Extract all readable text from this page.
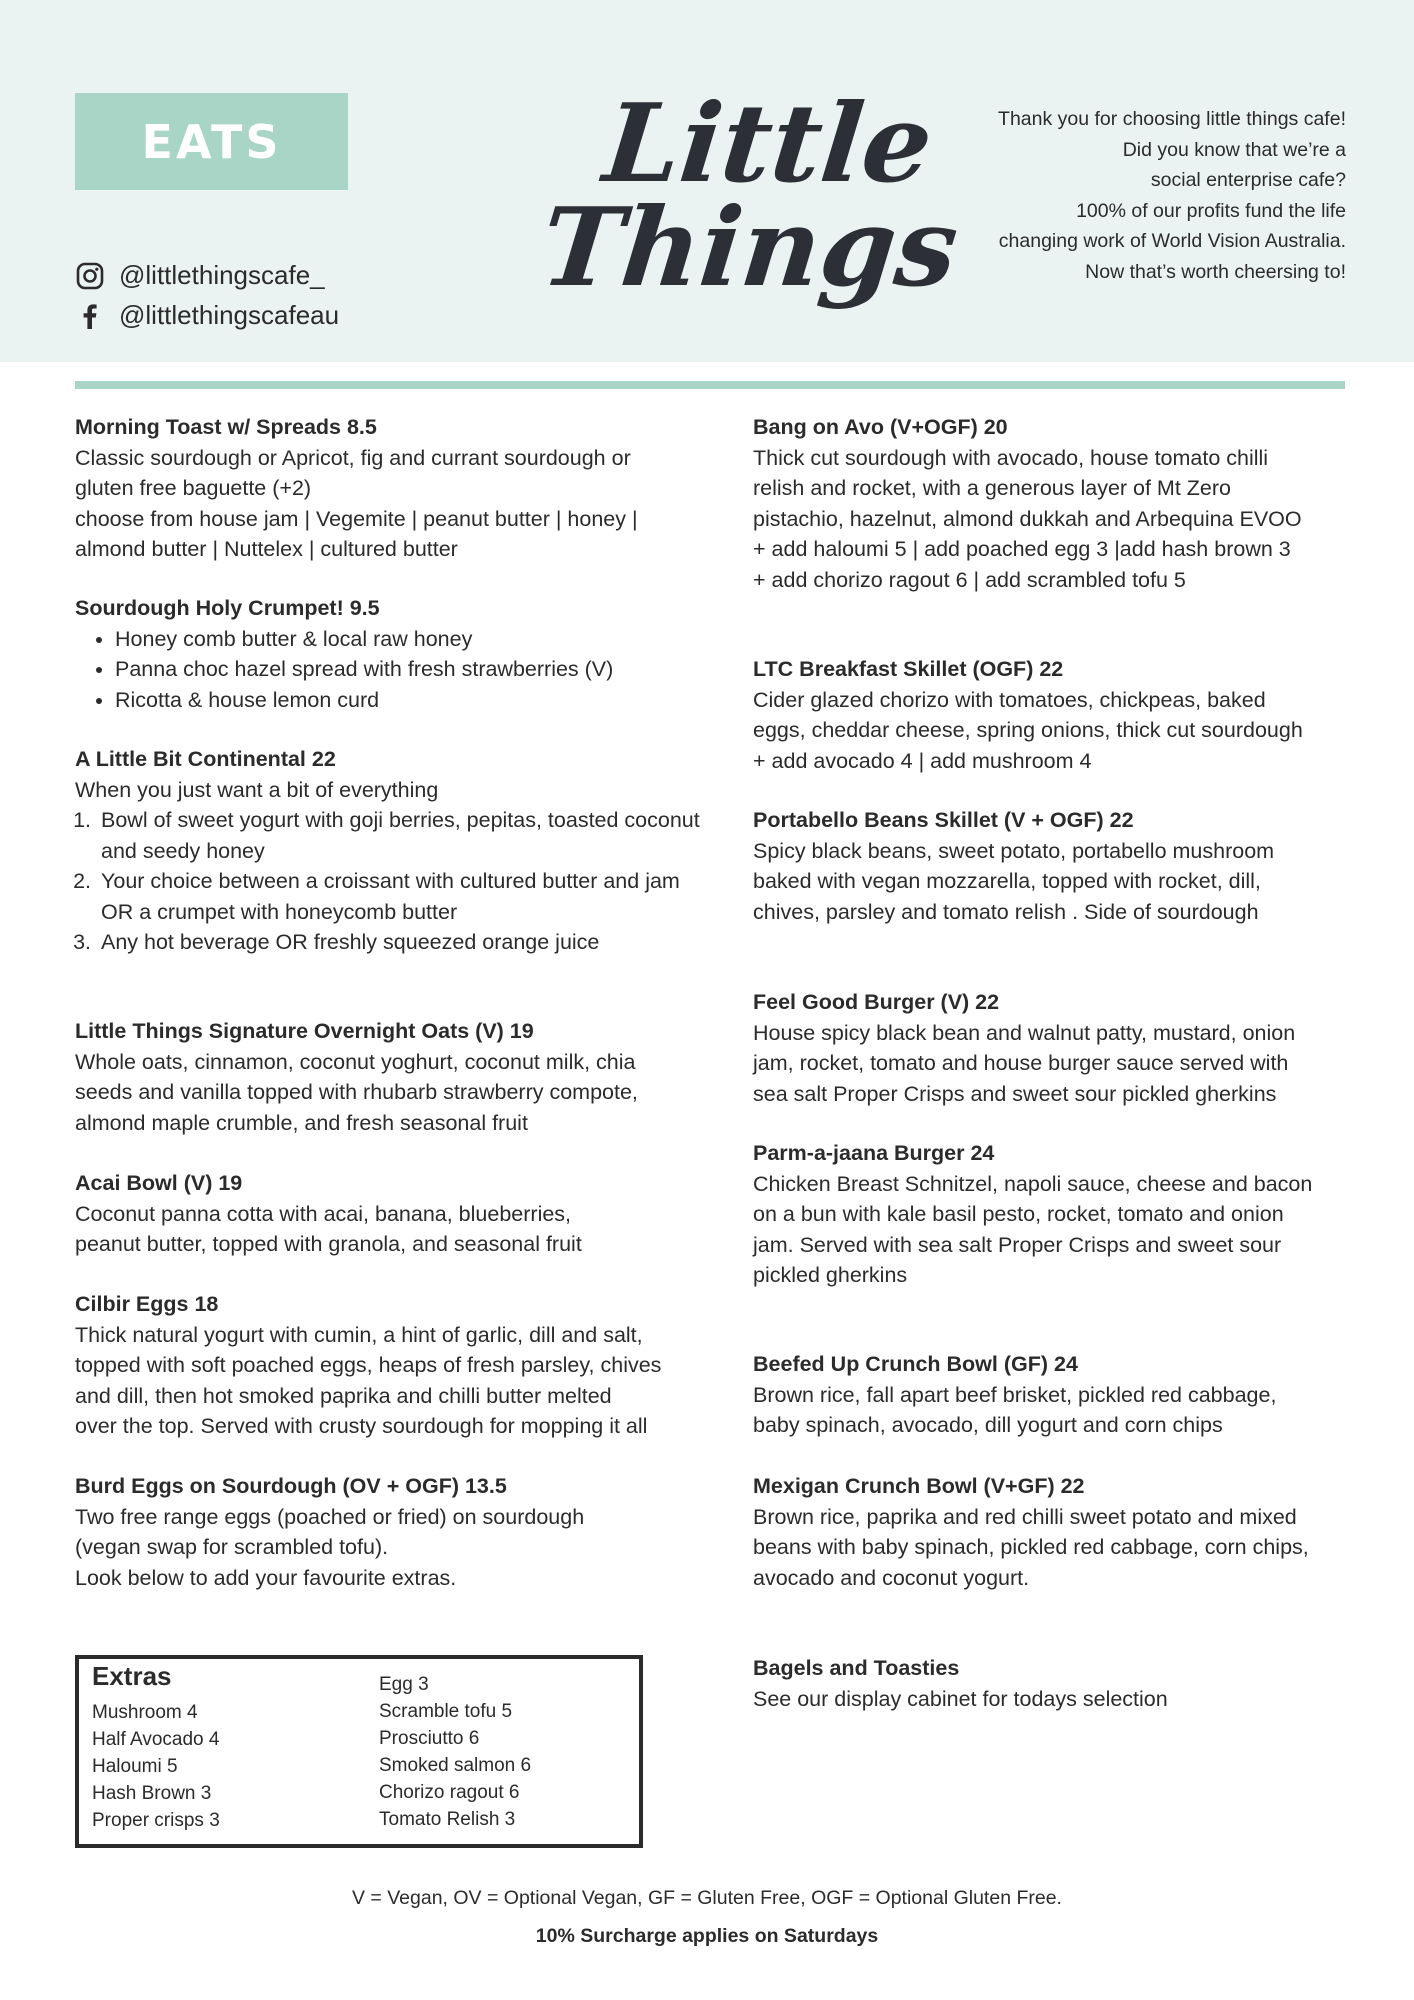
EATS
@littlethingscafe_
@littlethingscafeau
Little
Things
Thank you for choosing little things cafe!
Did you know that we’re a
social enterprise cafe?
100% of our profits fund the life
changing work of World Vision Australia.
Now that’s worth cheersing to!
Morning Toast w/ Spreads 8.5
Classic sourdough or Apricot, fig and currant sourdough or
gluten free baguette (+2)
choose from house jam | Vegemite | peanut butter | honey |
almond butter | Nuttelex | cultured butter
Sourdough Holy Crumpet! 9.5
• Honey comb butter & local raw honey
• Panna choc hazel spread with fresh strawberries (V)
• Ricotta & house lemon curd
A Little Bit Continental 22
When you just want a bit of everything
1. Bowl of sweet yogurt with goji berries, pepitas, toasted coconut and seedy honey
2. Your choice between a croissant with cultured butter and jam OR a crumpet with honeycomb butter
3. Any hot beverage OR freshly squeezed orange juice
Little Things Signature Overnight Oats (V) 19
Whole oats, cinnamon, coconut yoghurt, coconut milk, chia
seeds and vanilla topped with rhubarb strawberry compote,
almond maple crumble, and fresh seasonal fruit
Acai Bowl (V) 19
Coconut panna cotta with acai, banana, blueberries,
peanut butter, topped with granola, and seasonal fruit
Cilbir Eggs 18
Thick natural yogurt with cumin, a hint of garlic, dill and salt,
topped with soft poached eggs, heaps of fresh parsley, chives
and dill, then hot smoked paprika and chilli butter melted
over the top. Served with crusty sourdough for mopping it all
Burd Eggs on Sourdough (OV + OGF) 13.5
Two free range eggs (poached or fried) on sourdough
(vegan swap for scrambled tofu).
Look below to add your favourite extras.
Bang on Avo (V+OGF) 20
Thick cut sourdough with avocado, house tomato chilli
relish and rocket, with a generous layer of Mt Zero
pistachio, hazelnut, almond dukkah and Arbequina EVOO
+ add haloumi 5 | add poached egg 3 |add hash brown 3
+ add chorizo ragout 6 | add scrambled tofu 5
LTC Breakfast Skillet (OGF) 22
Cider glazed chorizo with tomatoes, chickpeas, baked
eggs, cheddar cheese, spring onions, thick cut sourdough
+ add avocado 4 | add mushroom 4
Portabello Beans Skillet (V + OGF) 22
Spicy black beans, sweet potato, portabello mushroom
baked with vegan mozzarella, topped with rocket, dill,
chives, parsley and tomato relish . Side of sourdough
Feel Good Burger (V) 22
House spicy black bean and walnut patty, mustard, onion
jam, rocket, tomato and house burger sauce served with
sea salt Proper Crisps and sweet sour pickled gherkins
Parm-a-jaana Burger 24
Chicken Breast Schnitzel, napoli sauce, cheese and bacon
on a bun with kale basil pesto, rocket, tomato and onion
jam. Served with sea salt Proper Crisps and sweet sour
pickled gherkins
Beefed Up Crunch Bowl (GF) 24
Brown rice, fall apart beef brisket, pickled red cabbage,
baby spinach, avocado, dill yogurt and corn chips
Mexigan Crunch Bowl (V+GF) 22
Brown rice, paprika and red chilli sweet potato and mixed
beans with baby spinach, pickled red cabbage, corn chips,
avocado and coconut yogurt.
Bagels and Toasties
See our display cabinet for todays selection
Extras
Mushroom 4
Half Avocado 4
Haloumi 5
Hash Brown 3
Proper crisps 3
Egg 3
Scramble tofu 5
Prosciutto 6
Smoked salmon 6
Chorizo ragout 6
Tomato Relish 3
V = Vegan, OV = Optional Vegan, GF = Gluten Free, OGF = Optional Gluten Free.
10% Surcharge applies on Saturdays
